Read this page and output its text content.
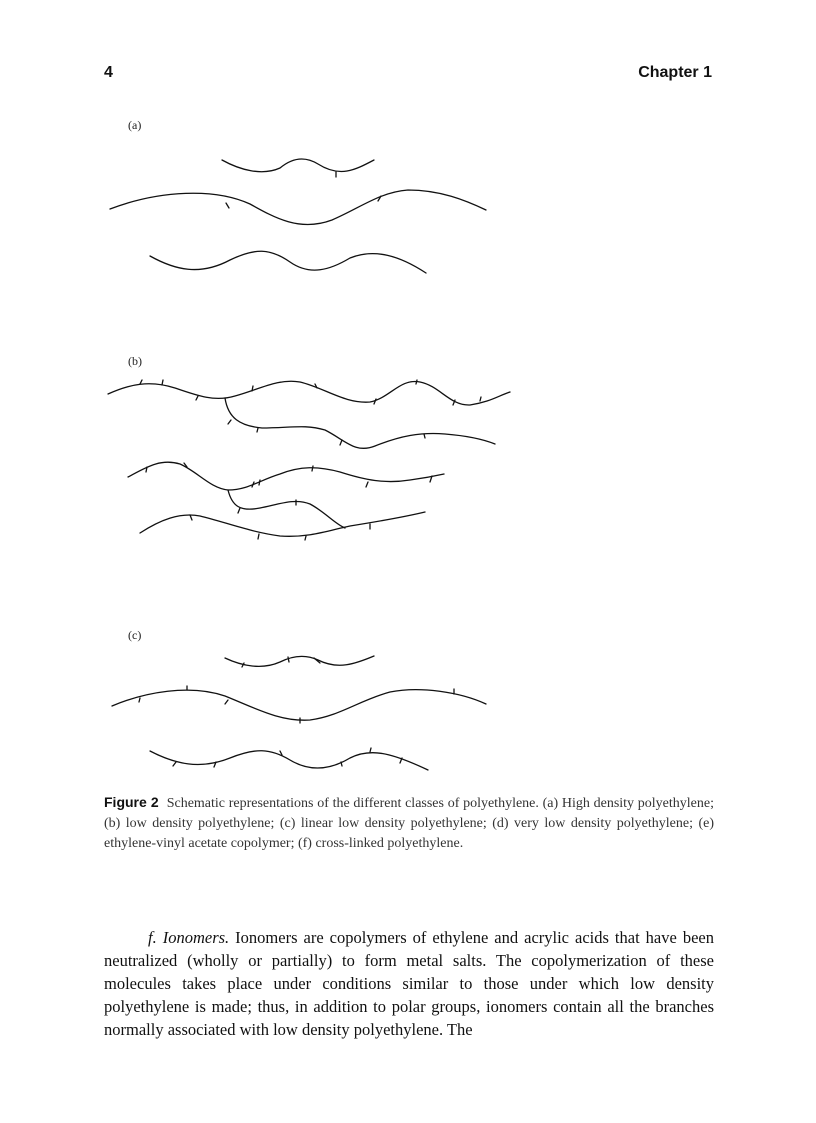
4	Chapter 1
(a)
(b)
(c)
Figure 2 Schematic representations of the different classes of polyethylene. (a) High density polyethylene; (b) low density polyethylene; (c) linear low density polyethylene; (d) very low density polyethylene; (e) ethylene-vinyl acetate copolymer; (f) cross-linked polyethylene.
f. Ionomers. Ionomers are copolymers of ethylene and acrylic acids that have been neutralized (wholly or partially) to form metal salts. The copolymerization of these molecules takes place under conditions similar to those under which low density polyethylene is made; thus, in addition to polar groups, ionomers contain all the branches normally associated with low density polyethylene. The
